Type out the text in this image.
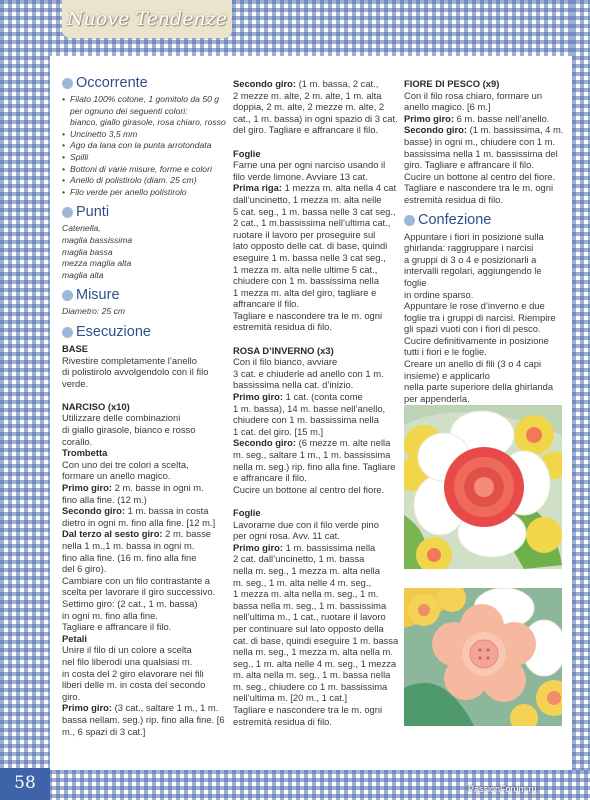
Nuove Tendenze
Occorrente
• Filato 100% cotone, 1 gomitolo da 50 g
per ognuno dei seguenti colori:
bianco, giallo girasole, rosa chiaro, rosso
• Uncinetto 3,5 mm
• Ago da lana con la punta arrotondata
• Spilli
• Bottoni di varie misure, forme e colori
• Anello di polistirolo (diam. 25 cm)
• Filo verde per anello polistirolo
Punti
Catenella,
maglia bassissima
maglia bassa
mezza maglia alta
maglia alta
Misure
Diametro: 25 cm
Esecuzione
BASE
Rivestire completamente l’anello
di polistirolo avvolgendolo con il filo
verde.
NARCISO (x10)
Utilizzare delle combinazioni
di giallo girasole, bianco e rosso
corallo.
Trombetta
Con uno dei tre colori a scelta,
formare un anello magico.
Primo giro: 2 m. basse in ogni m.
fino alla fine. (12 m.)
Secondo giro: 1 m. bassa in costa
dietro in ogni m. fino alla fine. [12 m.]
Dal terzo al sesto giro: 2 m. basse
nella 1 m.,1 m. bassa in ogni m.
fino alla fine. (16 m. fino alla fine
del 6 giro).
Cambiare con un filo contrastante a
scelta per lavorare il giro successivo.
Settimo giro: (2 cat., 1 m. bassa)
in ogni m. fino alla fine.
Tagliare e affrancare il filo.
Petali
Unire il filo di un colore a scelta
nel filo liberodi una qualsiasi m.
in costa del 2 giro elavorare nei fili
liberi delle m. in costa del secondo
giro.
Primo giro: (3 cat., saltare 1 m., 1 m.
bassa nellam. seg.) rip. fino alla fine. [6
m., 6 spazi di 3 cat.]
Secondo giro: (1 m. bassa, 2 cat.,
2 mezze m. alte, 2 m. alte, 1 m. alta
doppia, 2 m. alte, 2 mezze m. alte, 2
cat., 1 m. bassa) in ogni spazio di 3 cat.
del giro. Tagliare e affrancare il filo.
Foglie
Farne una per ogni narciso usando il
filo verde limone. Avviare 13 cat.
Prima riga: 1 mezza m. alta nella 4 cat
dall’uncinetto, 1 mezza m. alta nelle
5 cat. seg., 1 m. bassa nelle 3 cat seg.,
2 cat., 1 m.bassissima nell’ultima cat.,
ruotare il lavoro per proseguire sul
lato opposto delle cat. di base, quindi
eseguire 1 m. bassa nelle 3 cat seg.,
1 mezza m. alta nelle ultime 5 cat.,
chiudere con 1 m. bassissima nella
1 mezza m. alta del giro, tagliare e
affrancare il filo.
Tagliare e nascondere tra le m. ogni
estremità residua di filo.
ROSA D’INVERNO (x3)
Con il filo bianco, avviare
3 cat. e chiuderle ad anello con 1 m.
bassissima nella cat. d’inizio.
Primo giro: 1 cat. (conta come
1 m. bassa), 14 m. basse nell’anello,
chiudere con 1 m. bassissima nella
1 cat. del giro. [15 m.]
Secondo giro: (6 mezze m. alte nella
m. seg., saltare 1 m., 1 m. bassissima
nella m. seg.) rip. fino alla fine. Tagliare
e affrancare il filo.
Cucire un bottone al centro del fiore.
Foglie
Lavorarne due con il filo verde pino
per ogni rosa. Avv. 11 cat.
Primo giro: 1 m. bassissima nella
2 cat. dall’uncinetto, 1 m. bassa
nella m. seg., 1 mezza m. alta nella
m. seg., 1 m. alta nelle 4 m. seg.,
1 mezza m. alta nella m. seg., 1 m.
bassa nella m. seg., 1 m. bassissima
nell’ultima m., 1 cat., ruotare il lavoro
per continuare sul lato opposto della
cat. di base, quindi eseguire 1 m. bassa
nella m. seg., 1 mezza m. alta nella m.
seg., 1 m. alta nelle 4 m. seg., 1 mezza
m. alta nella m. seg., 1 m. bassa nella
m. seg., chiudere co 1 m. bassissima
nell’ultima m. [20 m., 1 cat.]
Tagliare e nascondere tra le m. ogni
estremità residua di filo.
FIORE DI PESCO (x9)
Con il filo rosa chiaro, formare un
anello magico. [6 m.]
Primo giro: 6 m. basse nell’anello.
Secondo giro: (1 m. bassissima, 4 m.
basse) in ogni m., chiudere con 1 m.
bassissima nella 1 m. bassissima del
giro. Tagliare e affrancare il filo.
Cucire un bottone al centro del fiore.
Tagliare e nascondere tra le m. ogni
estremità residua di filo.
Confezione
Appuntare i fiori in posizione sulla
ghirlanda: raggruppare i narcisi
a gruppi di 3 o 4 e posizionarli a
intervalli regolari, aggiungendo le foglie
in ordine sparso.
Appuntare le rose d’inverno e due
foglie tra i gruppi di narcisi. Riempire
gli spazi vuoti con i fiori di pesco.
Cucire definitivamente in posizione
tutti i fiori e le foglie.
Creare un anello di fili (3 o 4 capi
insieme) e applicarlo
nella parte superiore della ghirlanda
per appenderla.
58	PassionForum.ru
